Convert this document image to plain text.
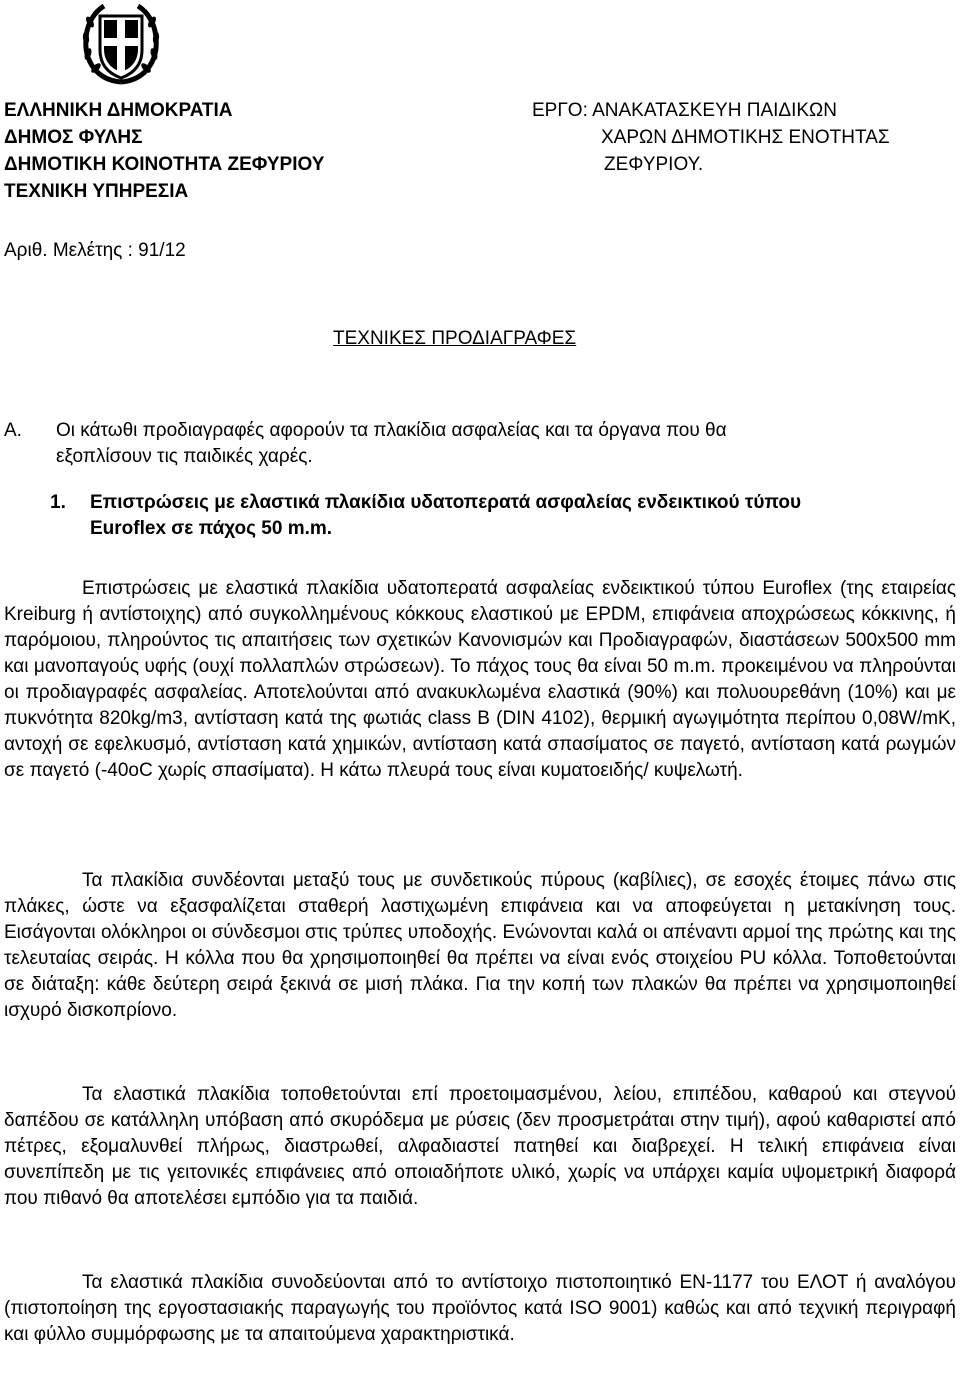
ΕΛΛΗΝΙΚΗ ΔΗΜΟΚΡΑΤΙΑ
ΔΗΜΟΣ ΦΥΛΗΣ
ΔΗΜΟΤΙΚΗ ΚΟΙΝΟΤΗΤΑ ΖΕΦΥΡΙΟΥ
ΤΕΧΝΙΚΗ ΥΠΗΡΕΣΙΑ
ΕΡΓΟ: ΑΝΑΚΑΤΑΣΚΕΥΗ ΠΑΙΔΙΚΩΝ
ΧΑΡΩΝ ΔΗΜΟΤΙΚΗΣ ΕΝΟΤΗΤΑΣ
ΖΕΦΥΡΙΟΥ.
Αριθ. Μελέτης : 91/12
ΤΕΧΝΙΚΕΣ ΠΡΟΔΙΑΓΡΑΦΕΣ
Α. Οι κάτωθι προδιαγραφές αφορούν τα πλακίδια ασφαλείας και τα όργανα που θα
εξοπλίσουν τις παιδικές χαρές.
1. Επιστρώσεις με ελαστικά πλακίδια υδατοπερατά ασφαλείας ενδεικτικού τύπου
Euroflex σε πάχος 50 m.m.

Επιστρώσεις με ελαστικά πλακίδια υδατοπερατά ασφαλείας ενδεικτικού τύπου Euroflex (της εταιρείας Kreiburg ή αντίστοιχης) από συγκολλημένους κόκκους ελαστικού με EPDM, επιφάνεια αποχρώσεως κόκκινης, ή παρόμοιου, πληρούντος τις απαιτήσεις των σχετικών Κανονισμών και Προδιαγραφών, διαστάσεων 500x500 mm και μανοπαγούς υφής (ουχί πολλαπλών στρώσεων). Το πάχος τους θα είναι 50 m.m. προκειμένου να πληρούνται οι προδιαγραφές ασφαλείας. Αποτελούνται από ανακυκλωμένα ελαστικά (90%) και πολυουρεθάνη (10%) και με πυκνότητα 820kg/m3, αντίσταση κατά της φωτιάς class B (DIN 4102), θερμική αγωγιμότητα περίπου 0,08W/mK, αντοχή σε εφελκυσμό, αντίσταση κατά χημικών, αντίσταση κατά σπασίματος σε παγετό, αντίσταση κατά ρωγμών σε παγετό (-40oC χωρίς σπασίματα). Η κάτω πλευρά τους είναι κυματοειδής/ κυψελωτή.

Τα πλακίδια συνδέονται μεταξύ τους με συνδετικούς πύρους (καβίλιες), σε εσοχές έτοιμες πάνω στις πλάκες, ώστε να εξασφαλίζεται σταθερή λαστιχωμένη επιφάνεια και να αποφεύγεται η μετακίνηση τους. Εισάγονται ολόκληροι οι σύνδεσμοι στις τρύπες υποδοχής. Ενώνονται καλά οι απέναντι αρμοί της πρώτης και της τελευταίας σειράς. Η κόλλα που θα χρησιμοποιηθεί θα πρέπει να είναι ενός στοιχείου PU κόλλα. Τοποθετούνται σε διάταξη: κάθε δεύτερη σειρά ξεκινά σε μισή πλάκα. Για την κοπή των πλακών θα πρέπει να χρησιμοποιηθεί ισχυρό δισκοπρίονο.

Τα ελαστικά πλακίδια τοποθετούνται επί προετοιμασμένου, λείου, επιπέδου, καθαρού και στεγνού δαπέδου σε κατάλληλη υπόβαση από σκυρόδεμα με ρύσεις (δεν προσμετράται στην τιμή), αφού καθαριστεί από πέτρες, εξομαλυνθεί πλήρως, διαστρωθεί, αλφαδιαστεί πατηθεί και διαβρεχεί. Η τελική επιφάνεια είναι συνεπίπεδη με τις γειτονικές επιφάνειες από οποιαδήποτε υλικό, χωρίς να υπάρχει καμία υψομετρική διαφορά που πιθανό θα αποτελέσει εμπόδιο για τα παιδιά.

Τα ελαστικά πλακίδια συνοδεύονται από το αντίστοιχο πιστοποιητικό EN-1177 του ΕΛΟΤ ή αναλόγου (πιστοποίηση της εργοστασιακής παραγωγής του προϊόντος κατά ISO 9001) καθώς και από τεχνική περιγραφή και φύλλο συμμόρφωσης με τα απαιτούμενα χαρακτηριστικά.
